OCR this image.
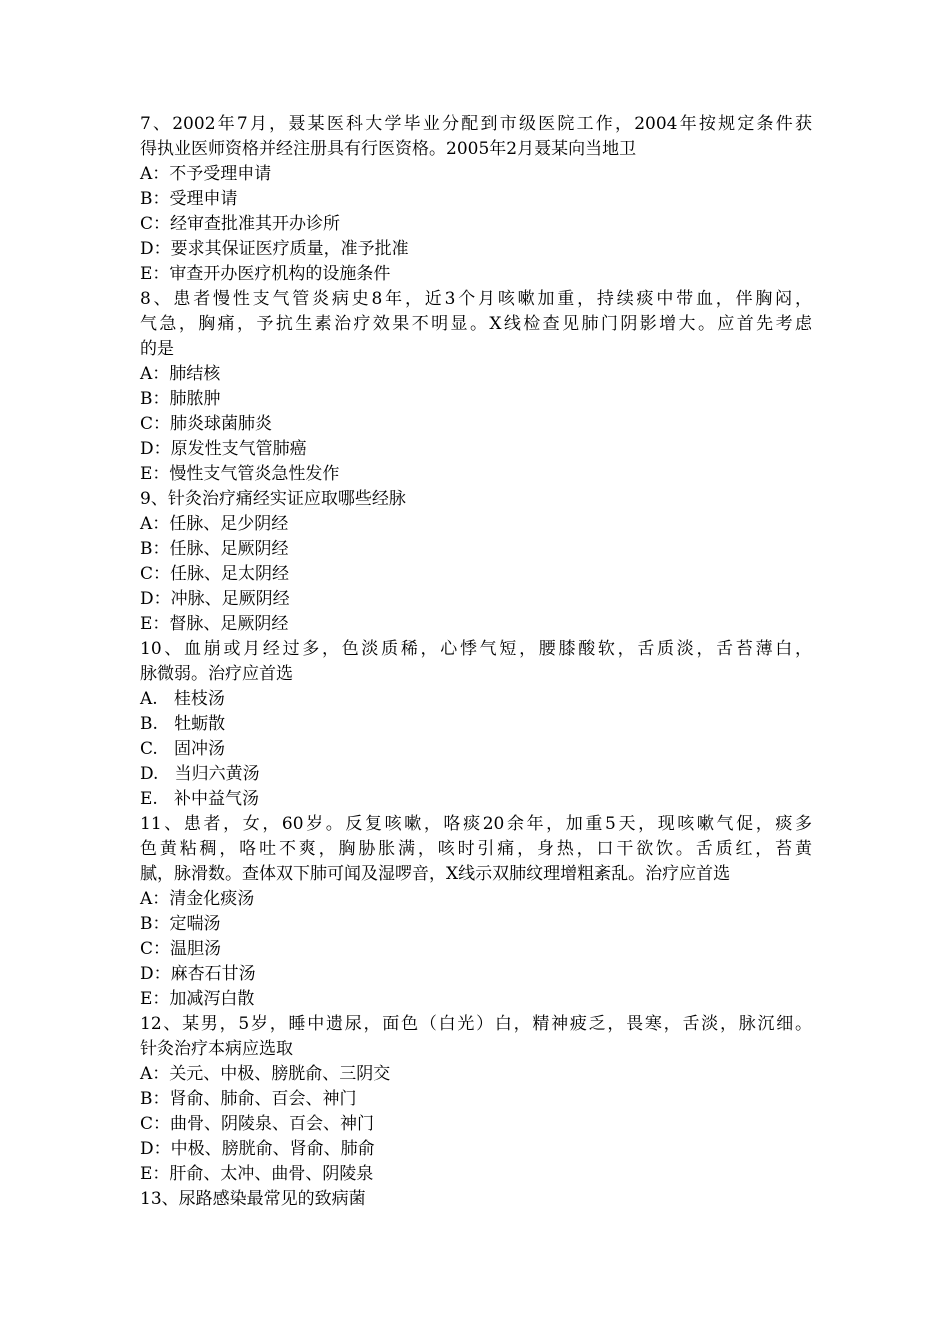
7、2002年7月，聂某医科大学毕业分配到市级医院工作，2004年按规定条件获
得执业医师资格并经注册具有行医资格。2005年2月聂某向当地卫
A：不予受理申请
B：受理申请
C：经审查批准其开办诊所
D：要求其保证医疗质量，准予批准
E：审查开办医疗机构的设施条件
8、患者慢性支气管炎病史8年，近3个月咳嗽加重，持续痰中带血，伴胸闷，
气急，胸痛，予抗生素治疗效果不明显。X线检查见肺门阴影增大。应首先考虑
的是
A：肺结核
B：肺脓肿
C：肺炎球菌肺炎
D：原发性支气管肺癌
E：慢性支气管炎急性发作
9、针灸治疗痛经实证应取哪些经脉
A：任脉、足少阴经
B：任脉、足厥阴经
C：任脉、足太阴经
D：冲脉、足厥阴经
E：督脉、足厥阴经
10、血崩或月经过多，色淡质稀，心悸气短，腰膝酸软，舌质淡，舌苔薄白，
脉微弱。治疗应首选
A.   桂枝汤
B.   牡蛎散
C.   固冲汤
D.   当归六黄汤
E.   补中益气汤
11、患者，女，60岁。反复咳嗽，咯痰20余年，加重5天，现咳嗽气促，痰多
色黄粘稠，咯吐不爽，胸胁胀满，咳时引痛，身热，口干欲饮。舌质红，苔黄
腻，脉滑数。查体双下肺可闻及湿啰音，X线示双肺纹理增粗紊乱。治疗应首选
A：清金化痰汤
B：定喘汤
C：温胆汤
D：麻杏石甘汤
E：加减泻白散
12、某男，5岁，睡中遗尿，面色（白光）白，精神疲乏，畏寒，舌淡，脉沉细。
针灸治疗本病应选取
A：关元、中极、膀胱俞、三阴交
B：肾俞、肺俞、百会、神门
C：曲骨、阴陵泉、百会、神门
D：中极、膀胱俞、肾俞、肺俞
E：肝俞、太冲、曲骨、阴陵泉
13、尿路感染最常见的致病菌
